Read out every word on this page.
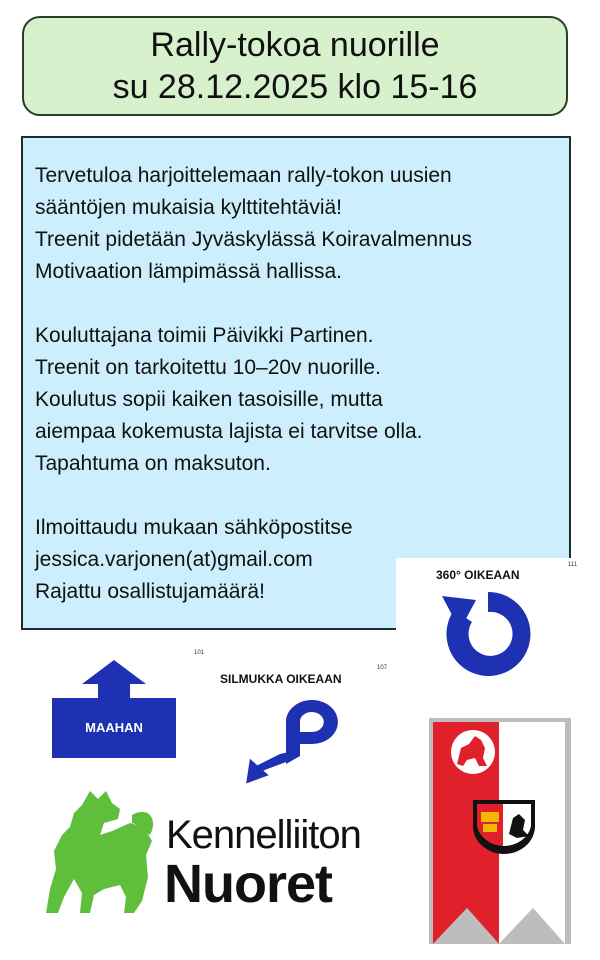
Rally-tokoa nuorille
su 28.12.2025 klo 15-16

Tervetuloa harjoittelemaan rally-tokon uusien
sääntöjen mukaisia kylttitehtäviä!
Treenit pidetään Jyväskylässä Koiravalmennus
Motivaation lämpimässä hallissa.

Kouluttajana toimii Päivikki Partinen.
Treenit on tarkoitettu 10–20v nuorille.
Koulutus sopii kaiken tasoisille, mutta
aiempaa kokemusta lajista ei tarvitse olla.
Tapahtuma on maksuton.

Ilmoittaudu mukaan sähköpostitse
jessica.varjonen(at)gmail.com
Rajattu osallistujamäärä!

360° OIKEAAN
111
SILMUKKA OIKEAAN
107
101
MAAHAN
Kennelliiton
Nuoret
